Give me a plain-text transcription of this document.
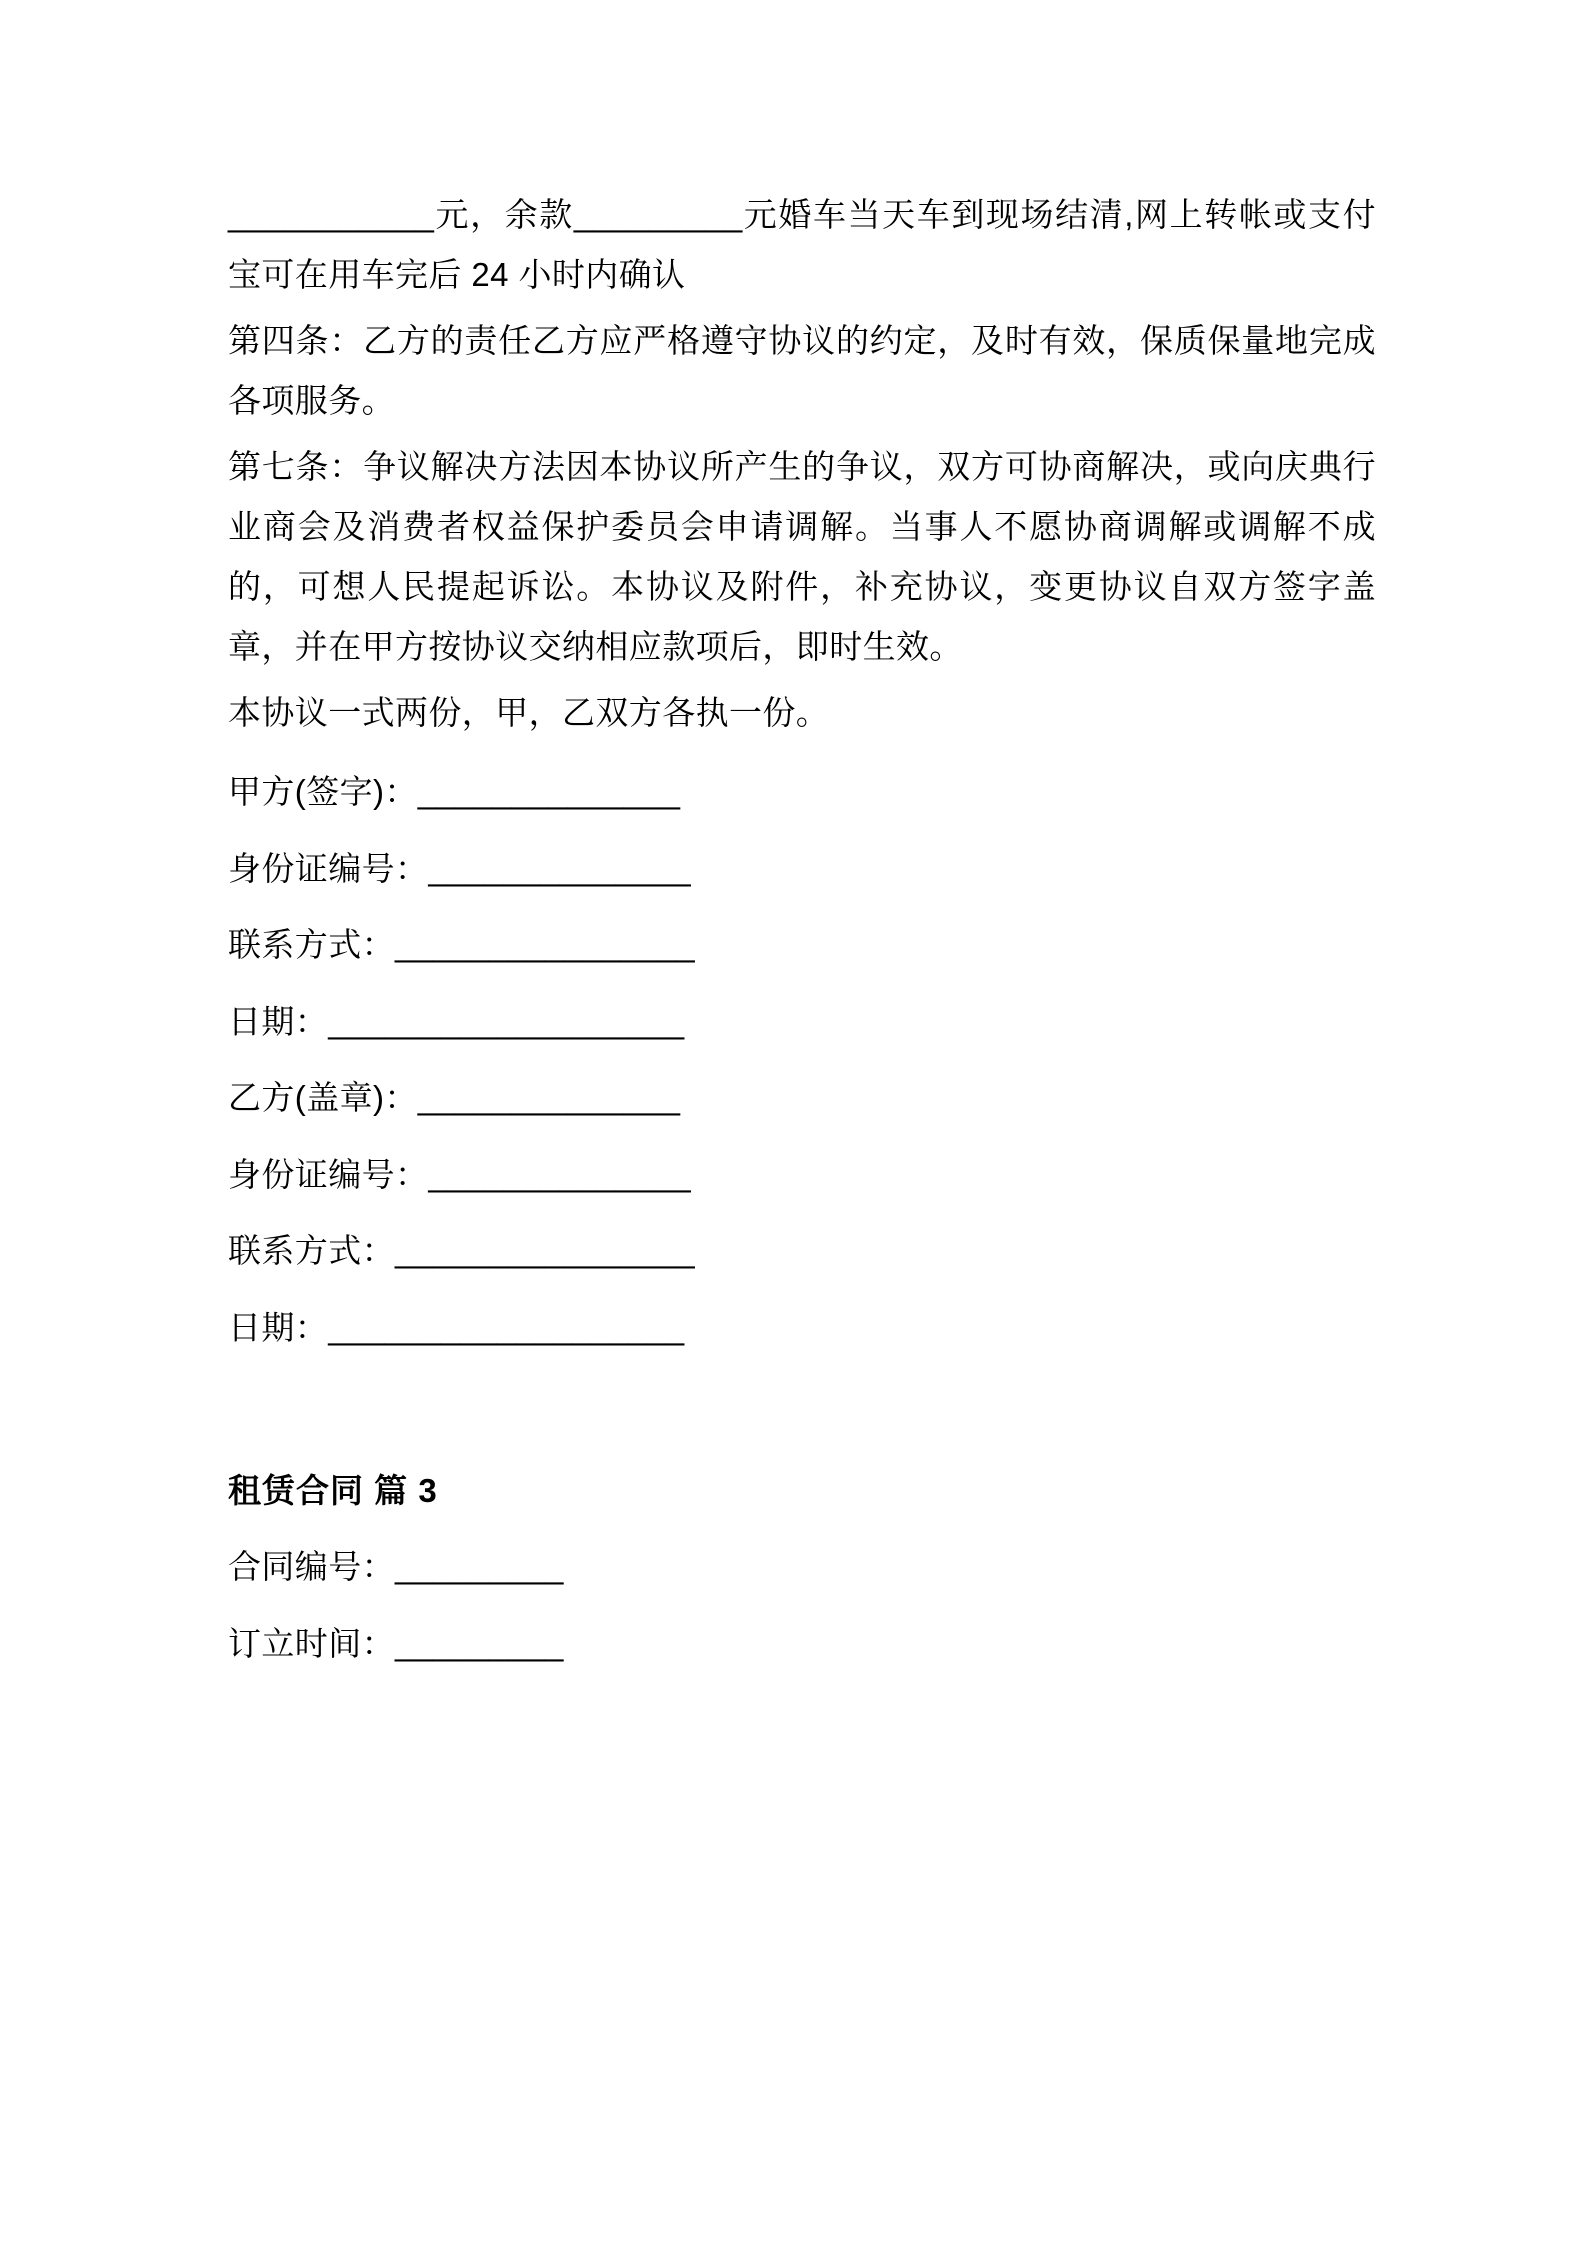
___________元，余款_________元婚车当天车到现场结清,网上转帐或支付宝可在用车完后 24 小时内确认

第四条：乙方的责任乙方应严格遵守协议的约定，及时有效，保质保量地完成各项服务。

第七条：争议解决方法因本协议所产生的争议，双方可协商解决，或向庆典行业商会及消费者权益保护委员会申请调解。当事人不愿协商调解或调解不成的，可想人民提起诉讼。本协议及附件，补充协议，变更协议自双方签字盖章，并在甲方按协议交纳相应款项后，即时生效。

本协议一式两份，甲，乙双方各执一份。

甲方(签字)：______________

身份证编号：______________

联系方式：________________

日期：___________________

乙方(盖章)：______________

身份证编号：______________

联系方式：________________

日期：___________________

租赁合同 篇 3

合同编号：_________

订立时间：_________
